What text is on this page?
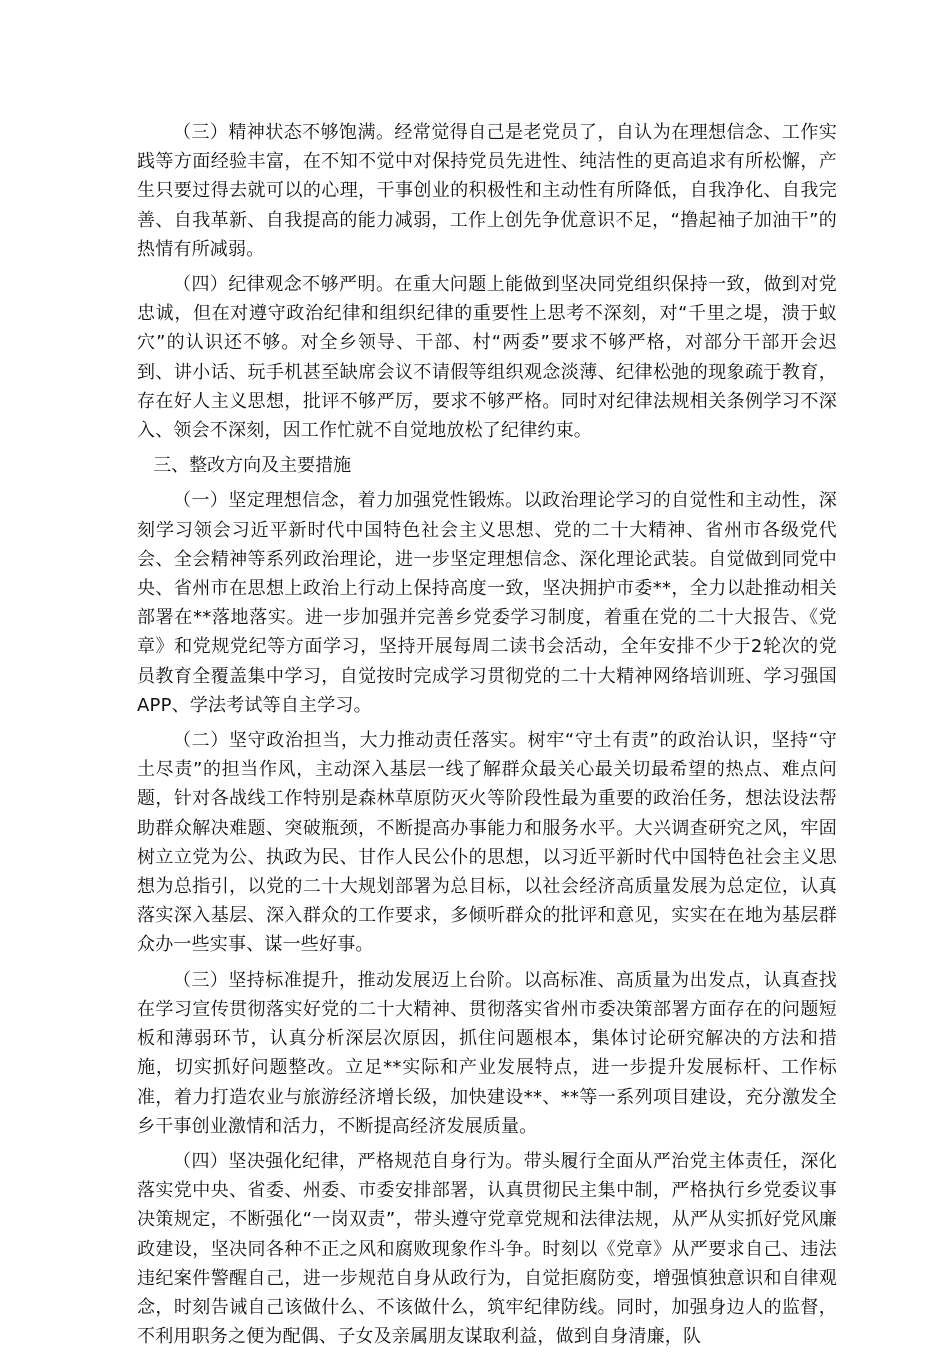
（三）精神状态不够饱满。经常觉得自己是老党员了，自认为在理想信念、工作实践等方面经验丰富，在不知不觉中对保持党员先进性、纯洁性的更高追求有所松懈，产生只要过得去就可以的心理，干事创业的积极性和主动性有所降低，自我净化、自我完善、自我革新、自我提高的能力减弱，工作上创先争优意识不足，“撸起袖子加油干”的热情有所减弱。

（四）纪律观念不够严明。在重大问题上能做到坚决同党组织保持一致，做到对党忠诚，但在对遵守政治纪律和组织纪律的重要性上思考不深刻，对“千里之堤，溃于蚁穴”的认识还不够。对全乡领导、干部、村“两委”要求不够严格，对部分干部开会迟到、讲小话、玩手机甚至缺席会议不请假等组织观念淡薄、纪律松弛的现象疏于教育，存在好人主义思想，批评不够严厉，要求不够严格。同时对纪律法规相关条例学习不深入、领会不深刻，因工作忙就不自觉地放松了纪律约束。

三、整改方向及主要措施

（一）坚定理想信念，着力加强党性锻炼。以政治理论学习的自觉性和主动性，深刻学习领会习近平新时代中国特色社会主义思想、党的二十大精神、省州市各级党代会、全会精神等系列政治理论，进一步坚定理想信念、深化理论武装。自觉做到同党中央、省州市在思想上政治上行动上保持高度一致，坚决拥护市委**，全力以赴推动相关部署在**落地落实。进一步加强并完善乡党委学习制度，着重在党的二十大报告、《党章》和党规党纪等方面学习，坚持开展每周二读书会活动，全年安排不少于2轮次的党员教育全覆盖集中学习，自觉按时完成学习贯彻党的二十大精神网络培训班、学习强国APP、学法考试等自主学习。

（二）坚守政治担当，大力推动责任落实。树牢“守土有责”的政治认识，坚持“守土尽责”的担当作风，主动深入基层一线了解群众最关心最关切最希望的热点、难点问题，针对各战线工作特别是森林草原防灭火等阶段性最为重要的政治任务，想法设法帮助群众解决难题、突破瓶颈，不断提高办事能力和服务水平。大兴调查研究之风，牢固树立立党为公、执政为民、甘作人民公仆的思想，以习近平新时代中国特色社会主义思想为总指引，以党的二十大规划部署为总目标，以社会经济高质量发展为总定位，认真落实深入基层、深入群众的工作要求，多倾听群众的批评和意见，实实在在地为基层群众办一些实事、谋一些好事。

（三）坚持标准提升，推动发展迈上台阶。以高标准、高质量为出发点，认真查找在学习宣传贯彻落实好党的二十大精神、贯彻落实省州市委决策部署方面存在的问题短板和薄弱环节，认真分析深层次原因，抓住问题根本，集体讨论研究解决的方法和措施，切实抓好问题整改。立足**实际和产业发展特点，进一步提升发展标杆、工作标准，着力打造农业与旅游经济增长级，加快建设**、**等一系列项目建设，充分激发全乡干事创业激情和活力，不断提高经济发展质量。

（四）坚决强化纪律，严格规范自身行为。带头履行全面从严治党主体责任，深化落实党中央、省委、州委、市委安排部署，认真贯彻民主集中制，严格执行乡党委议事决策规定，不断强化“一岗双责”，带头遵守党章党规和法律法规，从严从实抓好党风廉政建设，坚决同各种不正之风和腐败现象作斗争。时刻以《党章》从严要求自己、违法违纪案件警醒自己，进一步规范自身从政行为，自觉拒腐防变，增强慎独意识和自律观念，时刻告诫自己该做什么、不该做什么，筑牢纪律防线。同时，加强身边人的监督，不利用职务之便为配偶、子女及亲属朋友谋取利益，做到自身清廉，队
